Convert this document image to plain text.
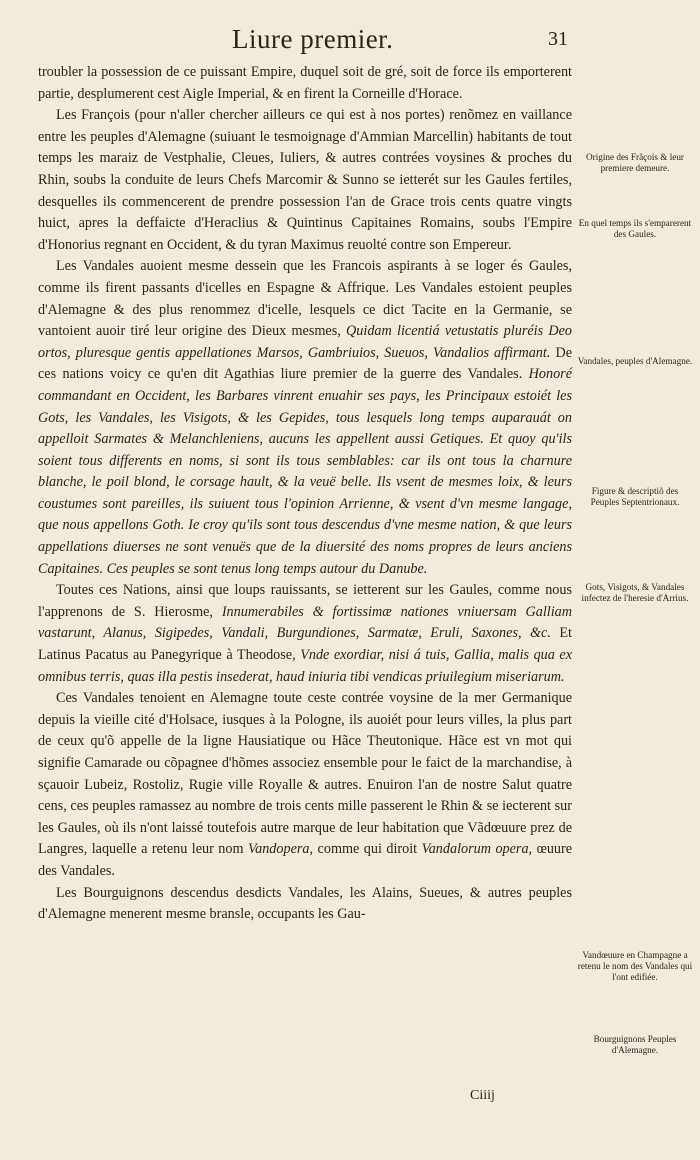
Liure premier.	31

troubler la possession de ce puissant Empire, duquel soit de gré, soit de force ils emporterent partie, desplumerent cest Aigle Imperial, & en firent la Corneille d'Horace.

Les François (pour n'aller chercher ailleurs ce qui est à nos portes) renõmez en vaillance entre les peuples d'Alemagne (suiuant le tesmoignage d'Ammian Marcellin) habitants de tout temps les maraiz de Vestphalie, Cleues, Iuliers, & autres contrées voysines & proches du Rhin, soubs la conduite de leurs Chefs Marcomir & Sunno se ietterét sur les Gaules fertiles, desquelles ils commencerent de prendre possession l'an de Grace trois cents quatre vingts huict, apres la deffaicte d'Heraclius & Quintinus Capitaines Romains, soubs l'Empire d'Honorius regnant en Occident, & du tyran Maximus reuolté contre son Empereur.

Les Vandales auoient mesme dessein que les Francois aspirants à se loger és Gaules, comme ils firent passants d'icelles en Espagne & Affrique. Les Vandales estoient peuples d'Alemagne & des plus renommez d'icelle, lesquels ce dict Tacite en la Germanie, se vantoient auoir tiré leur origine des Dieux mesmes, Quidam licentiá vetustatis pluréis Deo ortos, pluresque gentis appellationes Marsos, Gambriuios, Sueuos, Vandalios affirmant. De ces nations voicy ce qu'en dit Agathias liure premier de la guerre des Vandales. Honoré commandant en Occident, les Barbares vinrent enuahir ses pays, les Principaux estoiét les Gots, les Vandales, les Visigots, & les Gepides, tous lesquels long temps auparauát on appelloit Sarmates & Melanchleniens, aucuns les appellent aussi Getiques. Et quoy qu'ils soient tous differents en noms, si sont ils tous semblables: car ils ont tous la charnure blanche, le poil blond, le corsage hault, & la veuë belle. Ils vsent de mesmes loix, & leurs coustumes sont pareilles, ils suiuent tous l'opinion Arrienne, & vsent d'vn mesme langage, que nous appellons Goth. Ie croy qu'ils sont tous descendus d'vne mesme nation, & que leurs appellations diuerses ne sont venuës que de la diuersité des noms propres de leurs anciens Capitaines. Ces peuples se sont tenus long temps autour du Danube.

Toutes ces Nations, ainsi que loups rauissants, se ietterent sur les Gaules, comme nous l'apprenons de S. Hierosme, Innumerabiles & fortissimæ nationes vniuersam Galliam vastarunt, Alanus, Sigipedes, Vandali, Burgundiones, Sarmatæ, Eruli, Saxones, &c. Et Latinus Pacatus au Panegyrique à Theodose, Vnde exordiar, nisi á tuis, Gallia, malis qua ex omnibus terris, quas illa pestis insederat, haud iniuria tibi vendicas priuilegium miseriarum.

Ces Vandales tenoient en Alemagne toute ceste contrée voysine de la mer Germanique depuis la vieille cité d'Holsace, iusques à la Pologne, ils auoiét pour leurs villes, la plus part de ceux qu'õ appelle de la ligne Hausiatique ou Hãce Theutonique. Hãce est vn mot qui signifie Camarade ou cõpagnee d'hõmes associez ensemble pour le faict de la marchandise, à sçauoir Lubeiz, Rostoliz, Rugie ville Royalle & autres. Enuiron l'an de nostre Salut quatre cens, ces peuples ramassez au nombre de trois cents mille passerent le Rhin & se iecterent sur les Gaules, où ils n'ont laissé toutefois autre marque de leur habitation que Vãdœuure prez de Langres, laquelle a retenu leur nom Vandopera, comme qui diroit Vandalorum opera, œuure des Vandales.

Les Bourguignons descendus desdicts Vandales, les Alains, Sueues, & autres peuples d'Alemagne menerent mesme bransle, occupants les Gau-

Origine des Frãçois & leur premiere demeure.
En quel temps ils s'emparerent des Gaules.
Vandales, peuples d'Alemagne.
Figure & descriptiõ des Peuples Septentrionaux.
Gots, Visigots, & Vandales infectez de l'heresie d'Arrius.
Vandœuure en Champagne a retenu le nom des Vandales qui l'ont edifiée.
Bourguignons Peuples d'Alemagne.
Ciiij
